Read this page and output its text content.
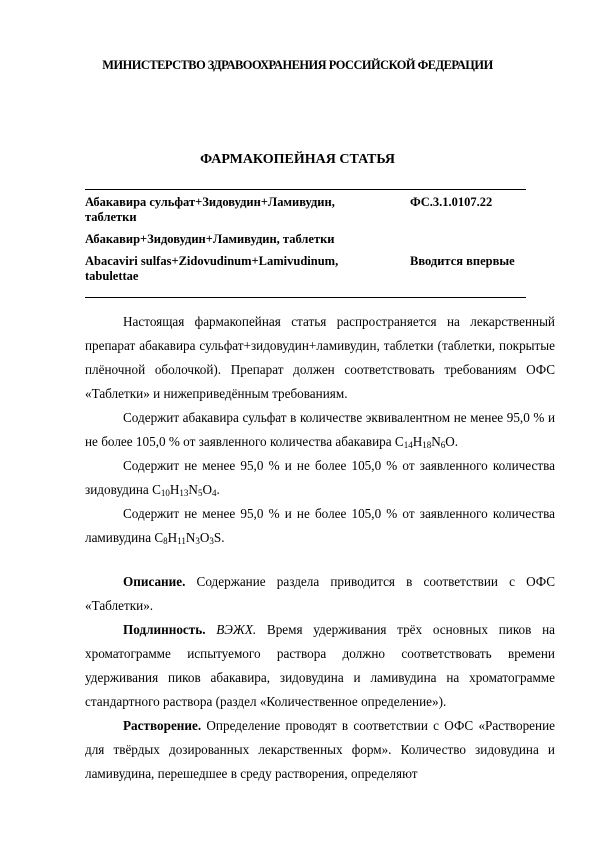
МИНИСТЕРСТВО ЗДРАВООХРАНЕНИЯ РОССИЙСКОЙ ФЕДЕРАЦИИ
ФАРМАКОПЕЙНАЯ СТАТЬЯ
Абакавира сульфат+Зидовудин+Ламивудин,
таблетки
ФС.3.1.0107.22
Абакавир+Зидовудин+Ламивудин, таблетки
Abacaviri sulfas+Zidovudinum+Lamivudinum,
tabulettae
Вводится впервые
Настоящая фармакопейная статья распространяется на лекарственный препарат абакавира сульфат+зидовудин+ламивудин, таблетки (таблетки, покрытые плёночной оболочкой). Препарат должен соответствовать требованиям ОФС «Таблетки» и нижеприведённым требованиям.
Содержит абакавира сульфат в количестве эквивалентном не менее 95,0 % и не более 105,0 % от заявленного количества абакавира $C_{14}H_{18}N_6O$.
Содержит не менее 95,0 % и не более 105,0 % от заявленного количества зидовудина $C_{10}H_{13}N_5O_4$.
Содержит не менее 95,0 % и не более 105,0 % от заявленного количества ламивудина $C_8H_{11}N_3O_3S$.
Описание. Содержание раздела приводится в соответствии с ОФС «Таблетки».
Подлинность. ВЭЖХ. Время удерживания трёх основных пиков на хроматограмме испытуемого раствора должно соответствовать времени удерживания пиков абакавира, зидовудина и ламивудина на хроматограмме стандартного раствора (раздел «Количественное определение»).
Растворение. Определение проводят в соответствии с ОФС «Растворение для твёрдых дозированных лекарственных форм». Количество зидовудина и ламивудина, перешедшее в среду растворения, определяют
